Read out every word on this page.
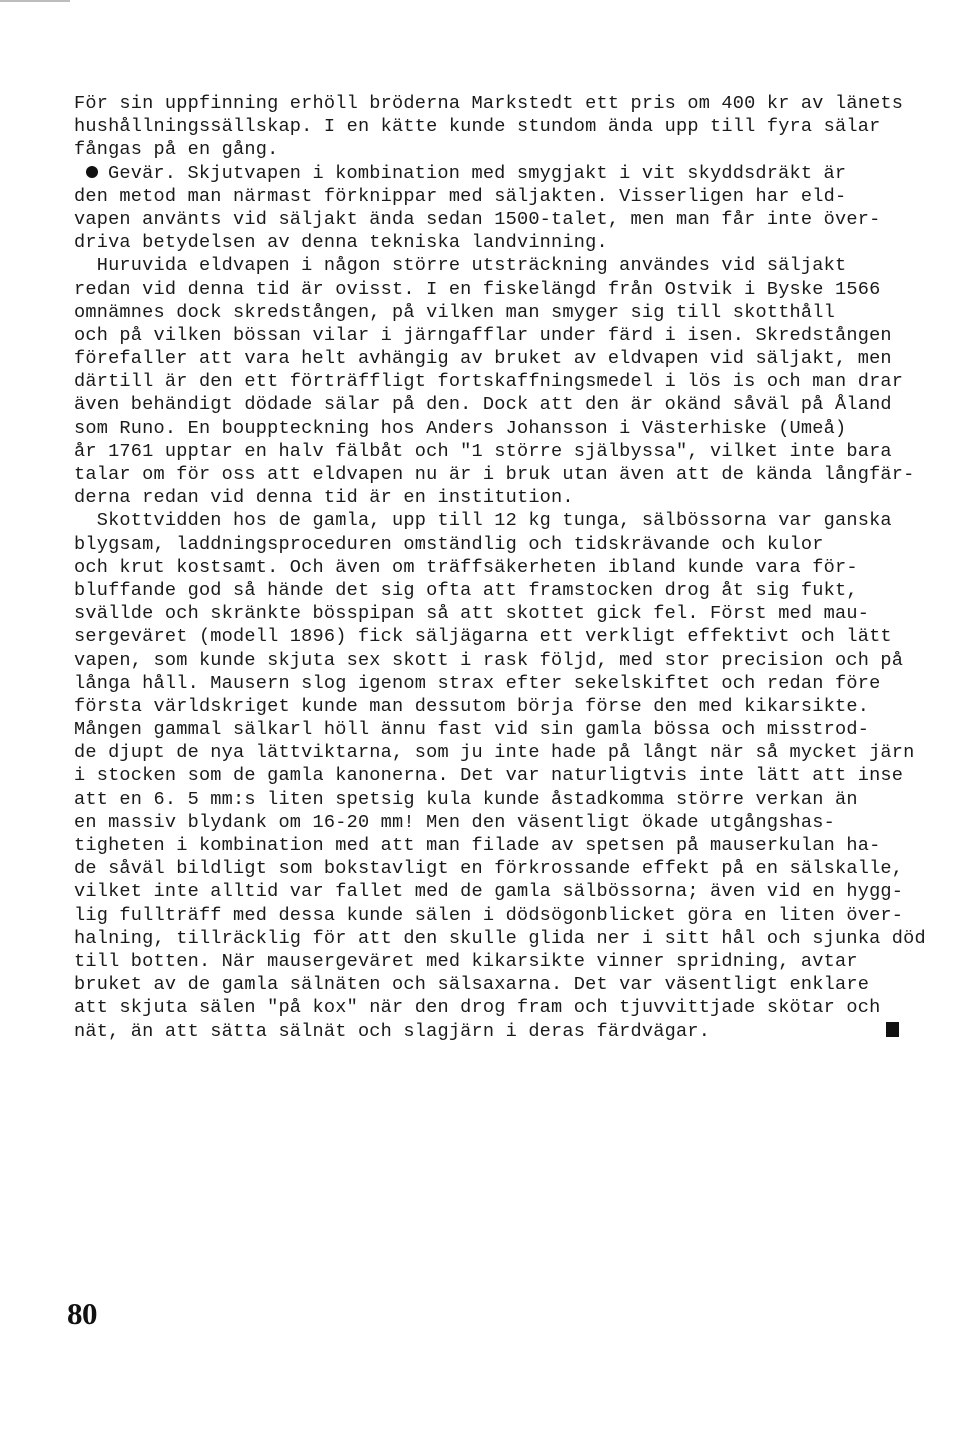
För sin uppfinning erhöll bröderna Markstedt ett pris om 400 kr av länets
hushållningssällskap. I en kätte kunde stundom ända upp till fyra sälar
fångas på en gång.
Gevär. Skjutvapen i kombination med smygjakt i vit skyddsdräkt är
den metod man närmast förknippar med säljakten. Visserligen har eld-
vapen använts vid säljakt ända sedan 1500-talet, men man får inte över-
driva betydelsen av denna tekniska landvinning.
Huruvida eldvapen i någon större utsträckning användes vid säljakt
redan vid denna tid är ovisst. I en fiskelängd från Ostvik i Byske 1566
omnämnes dock skredstången, på vilken man smyger sig till skotthåll
och på vilken bössan vilar i järngafflar under färd i isen. Skredstången
förefaller att vara helt avhängig av bruket av eldvapen vid säljakt, men
därtill är den ett förträffligt fortskaffningsmedel i lös is och man drar
även behändigt dödade sälar på den. Dock att den är okänd såväl på Åland
som Runo. En bouppteckning hos Anders Johansson i Västerhiske (Umeå)
år 1761 upptar en halv fälbåt och "1 större själbyssa", vilket inte bara
talar om för oss att eldvapen nu är i bruk utan även att de kända långfär-
derna redan vid denna tid är en institution.
Skottvidden hos de gamla, upp till 12 kg tunga, sälbössorna var ganska
blygsam, laddningsproceduren omständlig och tidskrävande och kulor
och krut kostsamt. Och även om träffsäkerheten ibland kunde vara för-
bluffande god så hände det sig ofta att framstocken drog åt sig fukt,
svällde och skränkte bösspipan så att skottet gick fel. Först med mau-
sergeväret (modell 1896) fick säljägarna ett verkligt effektivt och lätt
vapen, som kunde skjuta sex skott i rask följd, med stor precision och på
långa håll. Mausern slog igenom strax efter sekelskiftet och redan före
första världskriget kunde man dessutom börja förse den med kikarsikte.
Mången gammal sälkarl höll ännu fast vid sin gamla bössa och misstrod-
de djupt de nya lättviktarna, som ju inte hade på långt när så mycket järn
i stocken som de gamla kanonerna. Det var naturligtvis inte lätt att inse
att en 6. 5 mm:s liten spetsig kula kunde åstadkomma större verkan än
en massiv blydank om 16-20 mm! Men den väsentligt ökade utgångshas-
tigheten i kombination med att man filade av spetsen på mauserkulan ha-
de såväl bildligt som bokstavligt en förkrossande effekt på en sälskalle,
vilket inte alltid var fallet med de gamla sälbössorna; även vid en hygg-
lig fullträff med dessa kunde sälen i dödsögonblicket göra en liten över-
halning, tillräcklig för att den skulle glida ner i sitt hål och sjunka död
till botten. När mausergeväret med kikarsikte vinner spridning, avtar
bruket av de gamla sälnäten och sälsaxarna. Det var väsentligt enklare
att skjuta sälen "på kox" när den drog fram och tjuvvittjade skötar och
nät, än att sätta sälnät och slagjärn i deras färdvägar.
80
